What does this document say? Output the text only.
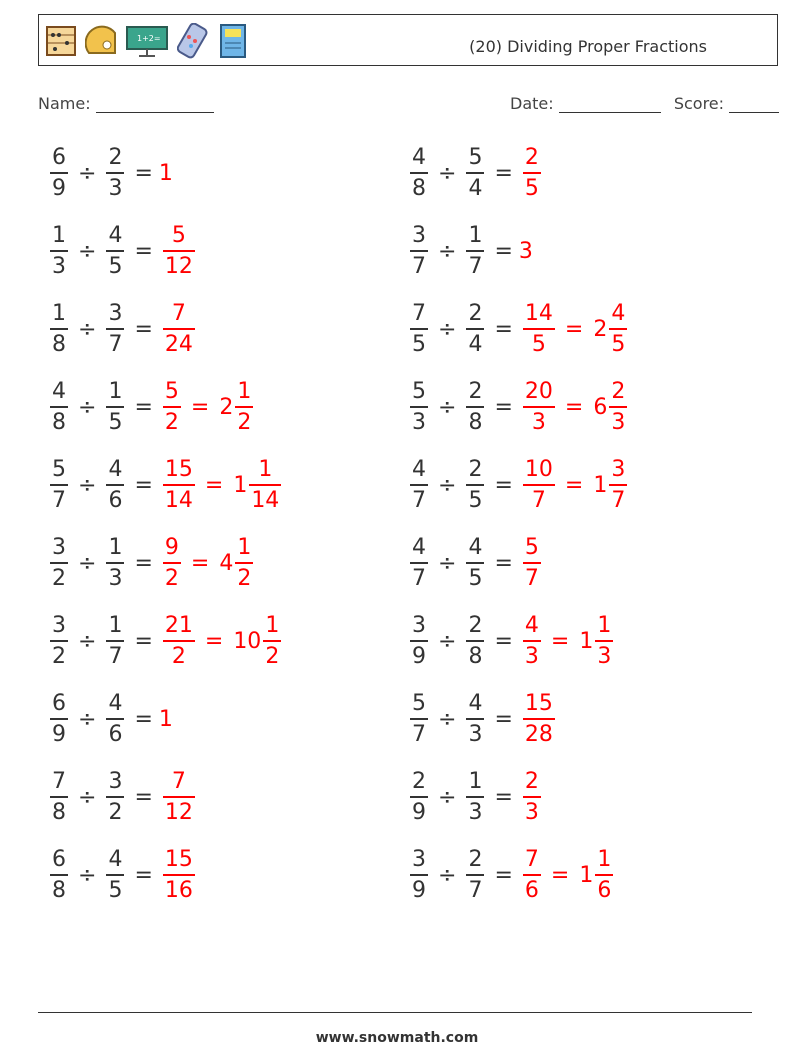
1+2=	(20) Dividing Proper Fractions
Name:	Date:	Score:
$\frac{6}{9} \div \frac{2}{3} = 1$	$\frac{4}{8} \div \frac{5}{4} = \frac{2}{5}$
$\frac{1}{3} \div \frac{4}{5} = \frac{5}{12}$	$\frac{3}{7} \div \frac{1}{7} = 3$
$\frac{1}{8} \div \frac{3}{7} = \frac{7}{24}$	$\frac{7}{5} \div \frac{2}{4} = \frac{14}{5} = 2 \frac{4}{5}$
$\frac{4}{8} \div \frac{1}{5} = \frac{5}{2} = 2 \frac{1}{2}$	$\frac{5}{3} \div \frac{2}{8} = \frac{20}{3} = 6 \frac{2}{3}$
$\frac{5}{7} \div \frac{4}{6} = \frac{15}{14} = 1 \frac{1}{14}$	$\frac{4}{7} \div \frac{2}{5} = \frac{10}{7} = 1 \frac{3}{7}$
$\frac{3}{2} \div \frac{1}{3} = \frac{9}{2} = 4 \frac{1}{2}$	$\frac{4}{7} \div \frac{4}{5} = \frac{5}{7}$
$\frac{3}{2} \div \frac{1}{7} = \frac{21}{2} = 10 \frac{1}{2}$	$\frac{3}{9} \div \frac{2}{8} = \frac{4}{3} = 1 \frac{1}{3}$
$\frac{6}{9} \div \frac{4}{6} = 1$	$\frac{5}{7} \div \frac{4}{3} = \frac{15}{28}$
$\frac{7}{8} \div \frac{3}{2} = \frac{7}{12}$	$\frac{2}{9} \div \frac{1}{3} = \frac{2}{3}$
$\frac{6}{8} \div \frac{4}{5} = \frac{15}{16}$	$\frac{3}{9} \div \frac{2}{7} = \frac{7}{6} = 1 \frac{1}{6}$
www.snowmath.com
